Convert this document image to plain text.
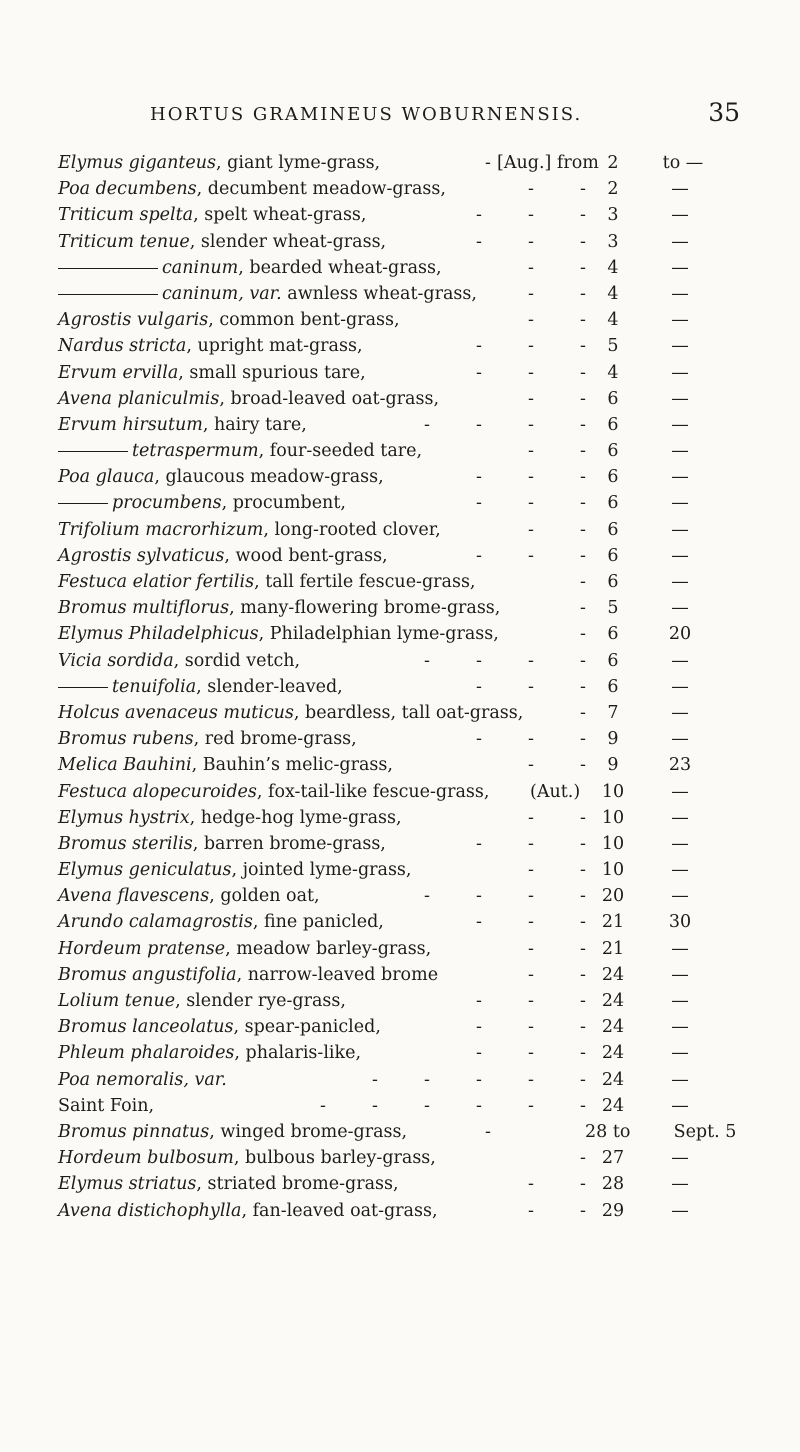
HORTUS GRAMINEUS WOBURNENSIS.	35
Elymus giganteus, giant lyme-grass,	- [Aug.] from 2	to —
Poa decumbens, decumbent meadow-grass,	-	-	2	—
Triticum spelta, spelt wheat-grass,	-	-	-	3	—
Triticum tenue, slender wheat-grass,	-	-	-	3	—
caninum, bearded wheat-grass,	-	-	4	—
caninum, var. awnless wheat-grass,	-	-	4	—
Agrostis vulgaris, common bent-grass,	-	-	4	—
Nardus stricta, upright mat-grass,	-	-	-	5	—
Ervum ervilla, small spurious tare,	-	-	-	4	—
Avena planiculmis, broad-leaved oat-grass,	-	-	6	—
Ervum hirsutum, hairy tare,	-	-	-	-	6	—
tetraspermum, four-seeded tare,	-	-	6	—
Poa glauca, glaucous meadow-grass,	-	-	-	6	—
procumbens, procumbent,	-	-	-	6	—
Trifolium macrorhizum, long-rooted clover,	-	-	6	—
Agrostis sylvaticus, wood bent-grass,	-	-	-	6	—
Festuca elatior fertilis, tall fertile fescue-grass,	-	6	—
Bromus multiflorus, many-flowering brome-grass,	-	5	—
Elymus Philadelphicus, Philadelphian lyme-grass,	-	6	20
Vicia sordida, sordid vetch,	-	-	-	-	6	—
tenuifolia, slender-leaved,	-	-	-	6	—
Holcus avenaceus muticus, beardless, tall oat-grass,	-	7	—
Bromus rubens, red brome-grass,	-	-	-	9	—
Melica Bauhini, Bauhin’s melic-grass,	-	-	9	23
Festuca alopecuroides, fox-tail-like fescue-grass, (Aut.)	10	—
Elymus hystrix, hedge-hog lyme-grass,	-	- 10	—
Bromus sterilis, barren brome-grass,	-	-	- 10	—
Elymus geniculatus, jointed lyme-grass,	-	- 10	—
Avena flavescens, golden oat,	-	-	-	- 20	—
Arundo calamagrostis, fine panicled,	-	-	- 21	30
Hordeum pratense, meadow barley-grass,	-	- 21	—
Bromus angustifolia, narrow-leaved brome	-	- 24	—
Lolium tenue, slender rye-grass,	-	-	- 24	—
Bromus lanceolatus, spear-panicled,	-	-	- 24	—
Phleum phalaroides, phalaris-like,	-	-	- 24	—
Poa nemoralis, var.	-	-	-	-	- 24	—
Saint Foin,	-	-	-	-	-	- 24	—
Bromus pinnatus, winged brome-grass,	-	28 to	Sept. 5
Hordeum bulbosum, bulbous barley-grass,	- 27	—
Elymus striatus, striated brome-grass,	-	- 28	—
Avena distichophylla, fan-leaved oat-grass,	-	- 29	—
